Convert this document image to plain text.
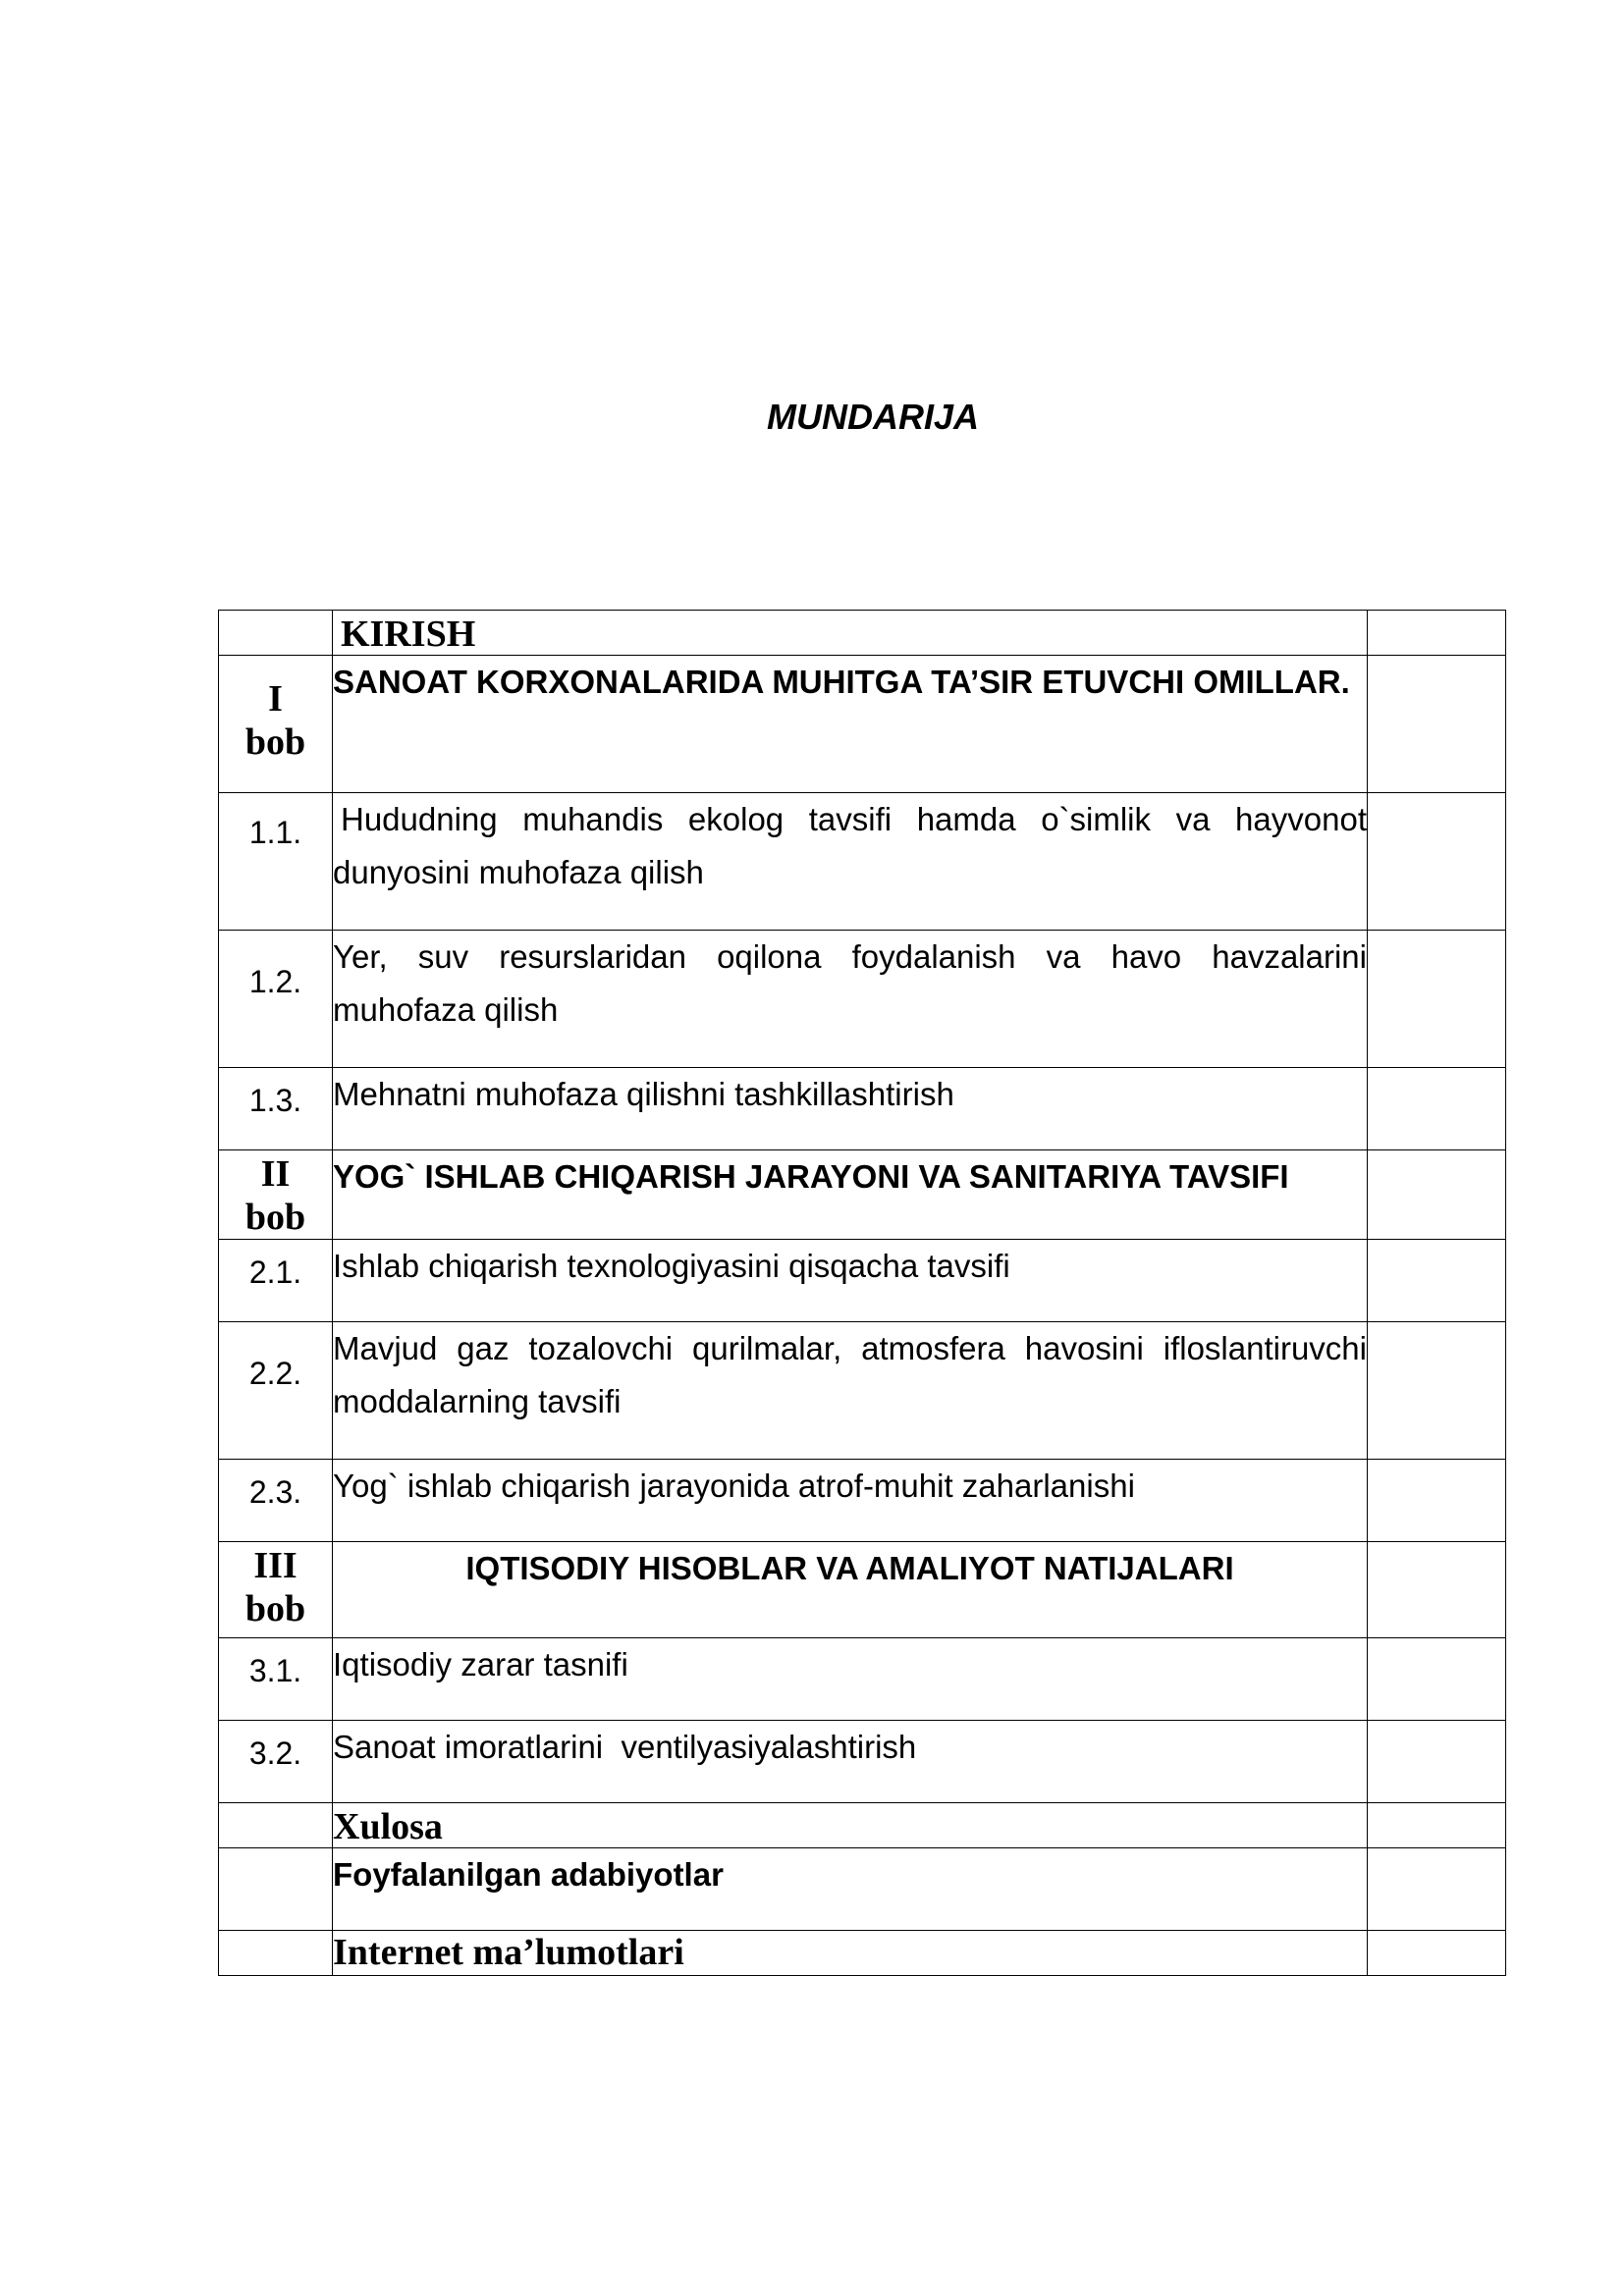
MUNDARIJA
	KIRISH	
I
bob	SANOAT KORXONALARIDA MUHITGA TA’SIR ETUVCHI OMILLAR.	
1.1.	Hududning muhandis ekolog tavsifi hamda o`simlik va hayvonot dunyosini muhofaza qilish	
1.2.	Yer, suv resurslaridan oqilona foydalanish va havo havzalarini muhofaza qilish	
1.3.	Mehnatni muhofaza qilishni tashkillashtirish	
II
bob	YOG` ISHLAB CHIQARISH JARAYONI VA SANITARIYA TAVSIFI	
2.1.	Ishlab chiqarish texnologiyasini qisqacha tavsifi	
2.2.	Mavjud gaz tozalovchi qurilmalar, atmosfera havosini ifloslantiruvchi moddalarning tavsifi	
2.3.	Yog` ishlab chiqarish jarayonida atrof-muhit zaharlanishi	
III
bob	IQTISODIY HISOBLAR VA AMALIYOT NATIJALARI	
3.1.	Iqtisodiy zarar tasnifi	
3.2.	Sanoat imoratlarini  ventilyasiyalashtirish	
	Xulosa	
	Foyfalanilgan adabiyotlar	
	Internet ma’lumotlari	
